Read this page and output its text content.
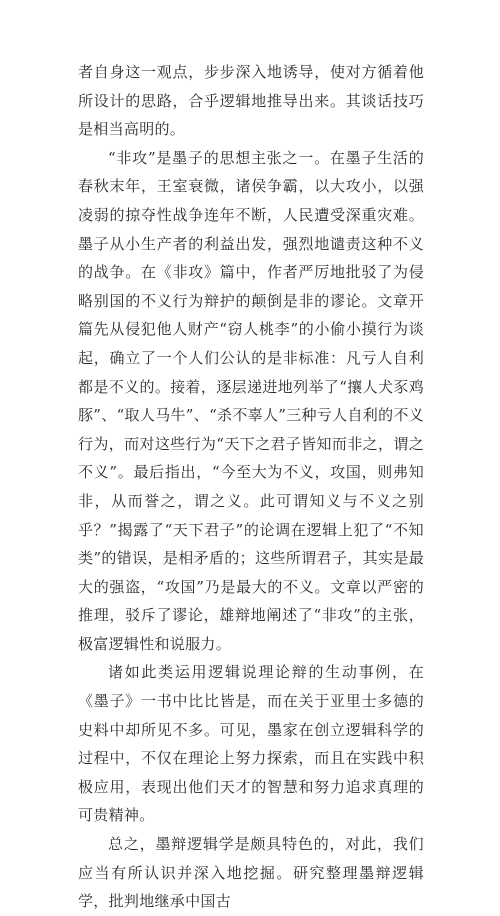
者自身这一观点，步步深入地诱导，使对方循着他所设计的思路，合乎逻辑地推导出来。其谈话技巧是相当高明的。

“非攻”是墨子的思想主张之一。在墨子生活的春秋末年，王室衰微，诸侯争霸，以大攻小，以强凌弱的掠夺性战争连年不断，人民遭受深重灾难。墨子从小生产者的利益出发，强烈地谴责这种不义的战争。在《非攻》篇中，作者严厉地批驳了为侵略别国的不义行为辩护的颠倒是非的谬论。文章开篇先从侵犯他人财产“窃人桃李”的小偷小摸行为谈起，确立了一个人们公认的是非标准：凡亏人自利都是不义的。接着，逐层递进地列举了“攘人犬豕鸡豚”、“取人马牛”、“杀不辜人”三种亏人自利的不义行为，而对这些行为“天下之君子皆知而非之，谓之不义”。最后指出，“今至大为不义，攻国，则弗知非，从而誉之，谓之义。此可谓知义与不义之别乎？”揭露了“天下君子”的论调在逻辑上犯了“不知类”的错误，是相矛盾的；这些所谓君子，其实是最大的强盗，“攻国”乃是最大的不义。文章以严密的推理，驳斥了谬论，雄辩地阐述了“非攻”的主张，极富逻辑性和说服力。

诸如此类运用逻辑说理论辩的生动事例，在《墨子》一书中比比皆是，而在关于亚里士多德的史料中却所见不多。可见，墨家在创立逻辑科学的过程中，不仅在理论上努力探索，而且在实践中积极应用，表现出他们天才的智慧和努力追求真理的可贵精神。

总之，墨辩逻辑学是颇具特色的，对此，我们应当有所认识并深入地挖掘。研究整理墨辩逻辑学，批判地继承中国古
